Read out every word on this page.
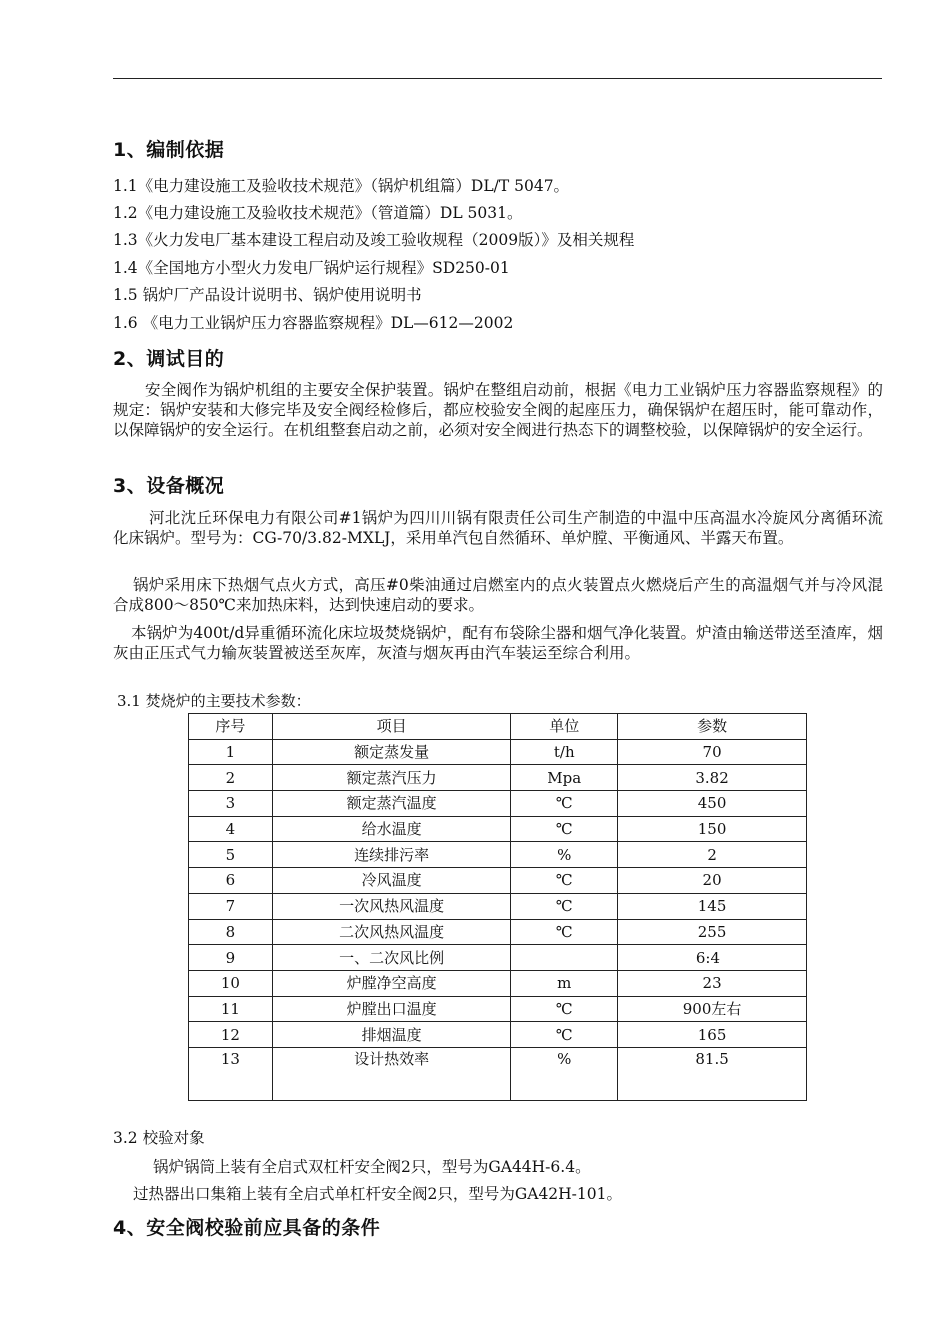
1、编制依据
1.1《电力建设施工及验收技术规范》（锅炉机组篇）DL/T 5047。
1.2《电力建设施工及验收技术规范》（管道篇）DL 5031。
1.3《火力发电厂基本建设工程启动及竣工验收规程（2009版）》及相关规程
1.4《全国地方小型火力发电厂锅炉运行规程》SD250-01
1.5 锅炉厂产品设计说明书、锅炉使用说明书
1.6 《电力工业锅炉压力容器监察规程》DL—612—2002
2、调试目的
安全阀作为锅炉机组的主要安全保护装置。锅炉在整组启动前，根据《电力工业锅炉压力容器监察规程》的规定：锅炉安装和大修完毕及安全阀经检修后，都应校验安全阀的起座压力，确保锅炉在超压时，能可靠动作，以保障锅炉的安全运行。在机组整套启动之前，必须对安全阀进行热态下的调整校验，以保障锅炉的安全运行。
3、设备概况
河北沈丘环保电力有限公司#1锅炉为四川川锅有限责任公司生产制造的中温中压高温水冷旋风分离循环流化床锅炉。型号为：CG-70/3.82-MXLJ，采用单汽包自然循环、单炉膛、平衡通风、半露天布置。
锅炉采用床下热烟气点火方式，高压#0柴油通过启燃室内的点火装置点火燃烧后产生的高温烟气并与冷风混合成800～850℃来加热床料，达到快速启动的要求。
本锅炉为400t/d异重循环流化床垃圾焚烧锅炉，配有布袋除尘器和烟气净化装置。炉渣由输送带送至渣库，烟灰由正压式气力输灰装置被送至灰库，灰渣与烟灰再由汽车装运至综合利用。
3.1 焚烧炉的主要技术参数：
序号	项目	单位	参数
1	额定蒸发量	t/h	70
2	额定蒸汽压力	Mpa	3.82
3	额定蒸汽温度	℃	450
4	给水温度	℃	150
5	连续排污率	%	2
6	冷风温度	℃	20
7	一次风热风温度	℃	145
8	二次风热风温度	℃	255
9	一、二次风比例		6:4
10	炉膛净空高度	m	23
11	炉膛出口温度	℃	900左右
12	排烟温度	℃	165
13	设计热效率	%	81.5
3.2 校验对象
锅炉锅筒上装有全启式双杠杆安全阀2只，型号为GA44H-6.4。
过热器出口集箱上装有全启式单杠杆安全阀2只，型号为GA42H-101。
4、安全阀校验前应具备的条件
